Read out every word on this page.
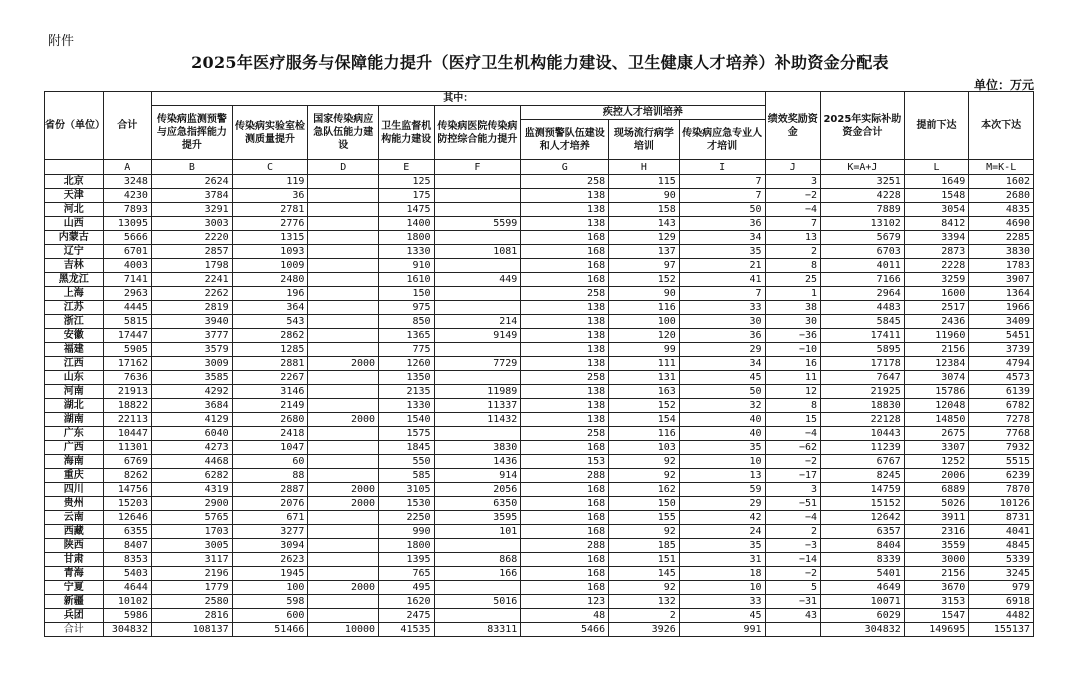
附件
2025年医疗服务与保障能力提升（医疗卫生机构能力建设、卫生健康人才培养）补助资金分配表
单位：万元
省份（单位）	合计	其中：								绩效奖励资金	2025年实际补助资金合计	提前下达	本次下达
		传染病监测预警与应急指挥能力提升	传染病实验室检测质量提升	国家传染病应急队伍能力建设	卫生监督机构能力建设	传染病医院传染病防控综合能力提升	疾控人才培训培养						
							监测预警队伍建设和人才培养	现场流行病学培训	传染病应急专业人才培训				
	A	B	C	D	E	F	G	H	I	J	K=A+J	L	M=K-L
北京	3248	2624	119		125		258	115	7	3	3251	1649	1602
天津	4230	3784	36		175		138	90	7	−2	4228	1548	2680
河北	7893	3291	2781		1475		138	158	50	−4	7889	3054	4835
山西	13095	3003	2776		1400	5599	138	143	36	7	13102	8412	4690
内蒙古	5666	2220	1315		1800		168	129	34	13	5679	3394	2285
辽宁	6701	2857	1093		1330	1081	168	137	35	2	6703	2873	3830
吉林	4003	1798	1009		910		168	97	21	8	4011	2228	1783
黑龙江	7141	2241	2480		1610	449	168	152	41	25	7166	3259	3907
上海	2963	2262	196		150		258	90	7	1	2964	1600	1364
江苏	4445	2819	364		975		138	116	33	38	4483	2517	1966
浙江	5815	3940	543		850	214	138	100	30	30	5845	2436	3409
安徽	17447	3777	2862		1365	9149	138	120	36	−36	17411	11960	5451
福建	5905	3579	1285		775		138	99	29	−10	5895	2156	3739
江西	17162	3009	2881	2000	1260	7729	138	111	34	16	17178	12384	4794
山东	7636	3585	2267		1350		258	131	45	11	7647	3074	4573
河南	21913	4292	3146		2135	11989	138	163	50	12	21925	15786	6139
湖北	18822	3684	2149		1330	11337	138	152	32	8	18830	12048	6782
湖南	22113	4129	2680	2000	1540	11432	138	154	40	15	22128	14850	7278
广东	10447	6040	2418		1575		258	116	40	−4	10443	2675	7768
广西	11301	4273	1047		1845	3830	168	103	35	−62	11239	3307	7932
海南	6769	4468	60		550	1436	153	92	10	−2	6767	1252	5515
重庆	8262	6282	88		585	914	288	92	13	−17	8245	2006	6239
四川	14756	4319	2887	2000	3105	2056	168	162	59	3	14759	6889	7870
贵州	15203	2900	2076	2000	1530	6350	168	150	29	−51	15152	5026	10126
云南	12646	5765	671		2250	3595	168	155	42	−4	12642	3911	8731
西藏	6355	1703	3277		990	101	168	92	24	2	6357	2316	4041
陕西	8407	3005	3094		1800		288	185	35	−3	8404	3559	4845
甘肃	8353	3117	2623		1395	868	168	151	31	−14	8339	3000	5339
青海	5403	2196	1945		765	166	168	145	18	−2	5401	2156	3245
宁夏	4644	1779	100	2000	495		168	92	10	5	4649	3670	979
新疆	10102	2580	598		1620	5016	123	132	33	−31	10071	3153	6918
兵团	5986	2816	600		2475		48	2	45	43	6029	1547	4482
合计	304832	108137	51466	10000	41535	83311	5466	3926	991		304832	149695	155137
